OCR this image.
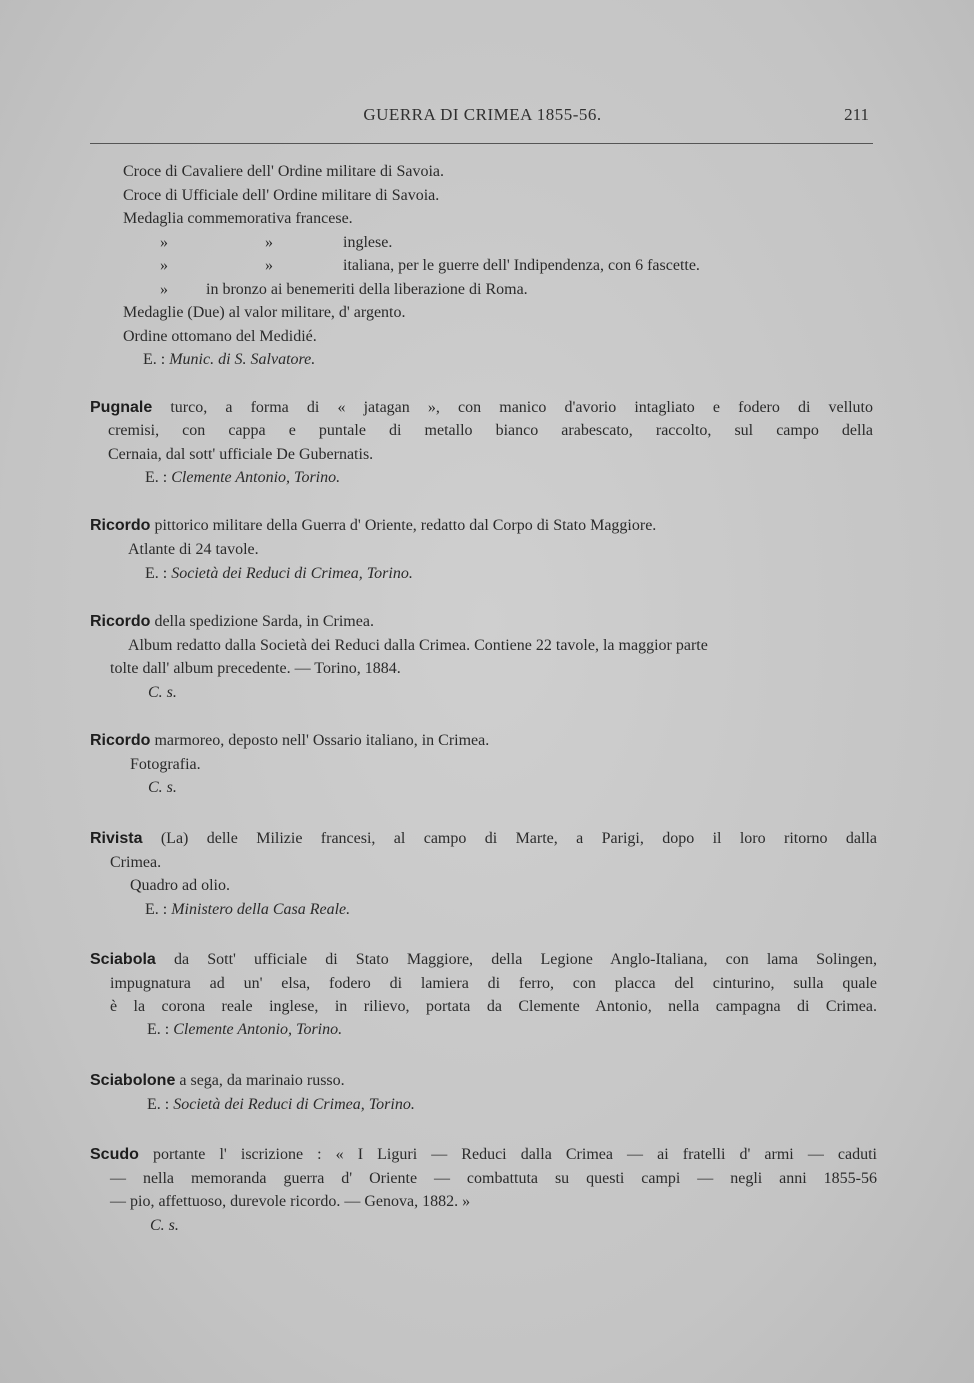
GUERRA DI CRIMEA 1855-56.	211
Croce di Cavaliere dell' Ordine militare di Savoia.
Croce di Ufficiale dell' Ordine militare di Savoia.
Medaglia commemorativa francese.
»	»	inglese.
»	»	italiana, per le guerre dell' Indipendenza, con 6 fascette.
» in bronzo ai benemeriti della liberazione di Roma.
Medaglie (Due) al valor militare, d' argento.
Ordine ottomano del Medidié.
E. : Munic. di S. Salvatore.
Pugnale turco, a forma di « jatagan », con manico d'avorio intagliato e fodero di velluto
cremisi, con cappa e puntale di metallo bianco arabescato, raccolto, sul campo della
Cernaia, dal sott' ufficiale De Gubernatis.
E. : Clemente Antonio, Torino.
Ricordo pittorico militare della Guerra d' Oriente, redatto dal Corpo di Stato Maggiore.
Atlante di 24 tavole.
E. : Società dei Reduci di Crimea, Torino.
Ricordo della spedizione Sarda, in Crimea.
Album redatto dalla Società dei Reduci dalla Crimea. Contiene 22 tavole, la maggior parte
tolte dall' album precedente. — Torino, 1884.
C. s.
Ricordo marmoreo, deposto nell' Ossario italiano, in Crimea.
Fotografia.
C. s.
Rivista (La) delle Milizie francesi, al campo di Marte, a Parigi, dopo il loro ritorno dalla
Crimea.
Quadro ad olio.
E. : Ministero della Casa Reale.
Sciabola da Sott' ufficiale di Stato Maggiore, della Legione Anglo-Italiana, con lama Solingen,
impugnatura ad un' elsa, fodero di lamiera di ferro, con placca del cinturino, sulla quale
è la corona reale inglese, in rilievo, portata da Clemente Antonio, nella campagna di Crimea.
E. : Clemente Antonio, Torino.
Sciabolone a sega, da marinaio russo.
E. : Società dei Reduci di Crimea, Torino.
Scudo portante l' iscrizione : « I Liguri — Reduci dalla Crimea — ai fratelli d' armi — caduti
— nella memoranda guerra d' Oriente — combattuta su questi campi — negli anni 1855-56
— pio, affettuoso, durevole ricordo. — Genova, 1882. »
C. s.
